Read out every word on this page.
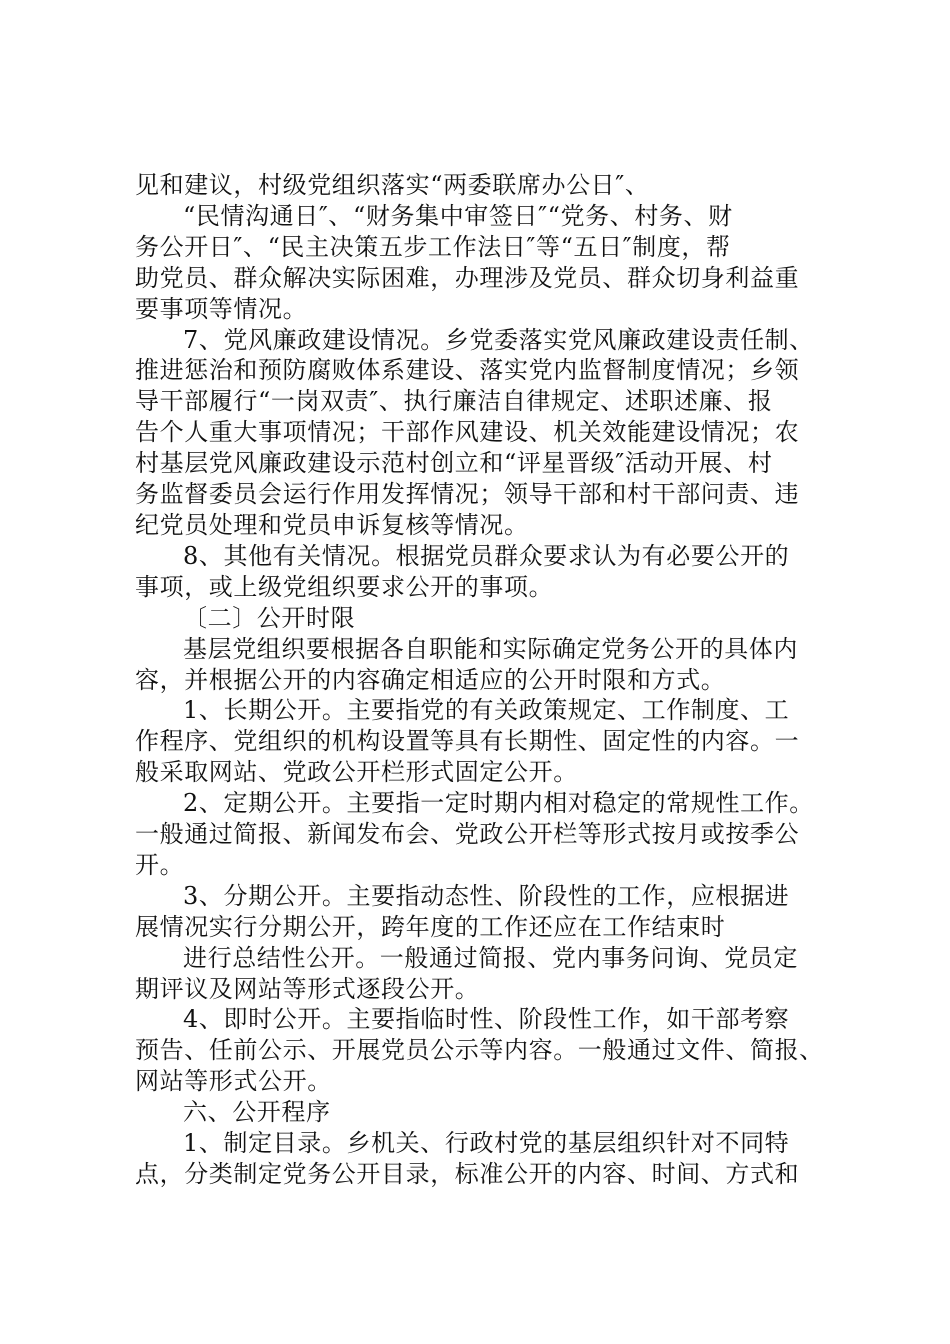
见和建议，村级党组织落实“两委联席办公日″、
“民情沟通日″、“财务集中审签日″“党务、村务、财
务公开日″、“民主决策五步工作法日″等“五日″制度，帮
助党员、群众解决实际困难，办理涉及党员、群众切身利益重
要事项等情况。
7、党风廉政建设情况。乡党委落实党风廉政建设责任制、
推进惩治和预防腐败体系建设、落实党内监督制度情况；乡领
导干部履行“一岗双责″、执行廉洁自律规定、述职述廉、报
告个人重大事项情况；干部作风建设、机关效能建设情况；农
村基层党风廉政建设示范村创立和“评星晋级″活动开展、村
务监督委员会运行作用发挥情况；领导干部和村干部问责、违
纪党员处理和党员申诉复核等情况。
8、其他有关情况。根据党员群众要求认为有必要公开的
事项，或上级党组织要求公开的事项。
〔二〕公开时限
基层党组织要根据各自职能和实际确定党务公开的具体内
容，并根据公开的内容确定相适应的公开时限和方式。
1、长期公开。主要指党的有关政策规定、工作制度、工
作程序、党组织的机构设置等具有长期性、固定性的内容。一
般采取网站、党政公开栏形式固定公开。
2、定期公开。主要指一定时期内相对稳定的常规性工作。
一般通过简报、新闻发布会、党政公开栏等形式按月或按季公
开。
3、分期公开。主要指动态性、阶段性的工作，应根据进
展情况实行分期公开，跨年度的工作还应在工作结束时
进行总结性公开。一般通过简报、党内事务问询、党员定
期评议及网站等形式逐段公开。
4、即时公开。主要指临时性、阶段性工作，如干部考察
预告、任前公示、开展党员公示等内容。一般通过文件、简报、
网站等形式公开。
六、公开程序
1、制定目录。乡机关、行政村党的基层组织针对不同特
点，分类制定党务公开目录，标准公开的内容、时间、方式和
